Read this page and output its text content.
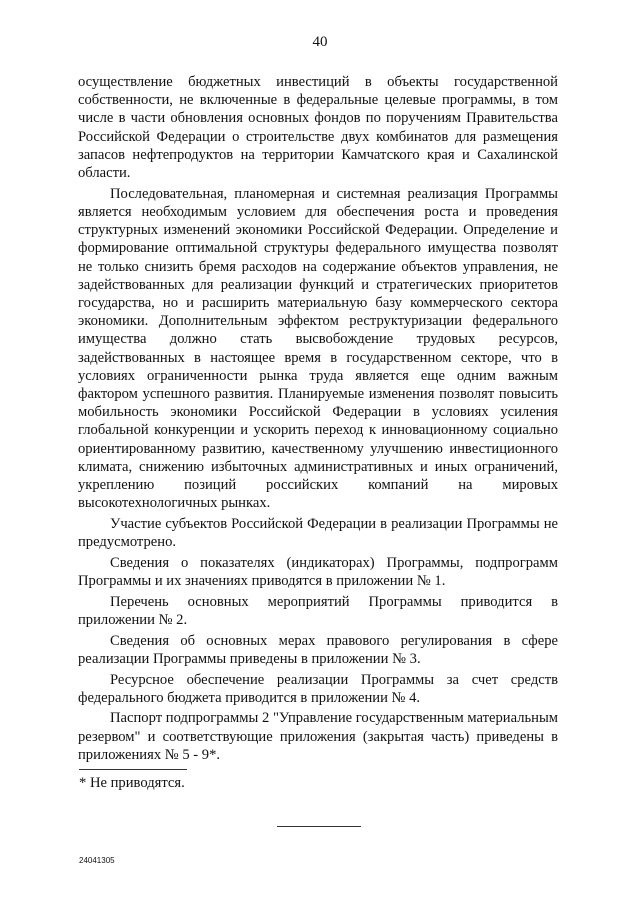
40

осуществление бюджетных инвестиций в объекты государственной собственности, не включенные в федеральные целевые программы, в том числе в части обновления основных фондов по поручениям Правительства Российской Федерации о строительстве двух комбинатов для размещения запасов нефтепродуктов на территории Камчатского края и Сахалинской области.

Последовательная, планомерная и системная реализация Программы является необходимым условием для обеспечения роста и проведения структурных изменений экономики Российской Федерации. Определение и формирование оптимальной структуры федерального имущества позволят не только снизить бремя расходов на содержание объектов управления, не задействованных для реализации функций и стратегических приоритетов государства, но и расширить материальную базу коммерческого сектора экономики. Дополнительным эффектом реструктуризации федерального имущества должно стать высвобождение трудовых ресурсов, задействованных в настоящее время в государственном секторе, что в условиях ограниченности рынка труда является еще одним важным фактором успешного развития. Планируемые изменения позволят повысить мобильность экономики Российской Федерации в условиях усиления глобальной конкуренции и ускорить переход к инновационному социально ориентированному развитию, качественному улучшению инвестиционного климата, снижению избыточных административных и иных ограничений, укреплению позиций российских компаний на мировых высокотехнологичных рынках.

Участие субъектов Российской Федерации в реализации Программы не предусмотрено.

Сведения о показателях (индикаторах) Программы, подпрограмм Программы и их значениях приводятся в приложении № 1.

Перечень основных мероприятий Программы приводится в приложении № 2.

Сведения об основных мерах правового регулирования в сфере реализации Программы приведены в приложении № 3.

Ресурсное обеспечение реализации Программы за счет средств федерального бюджета приводится в приложении № 4.

Паспорт подпрограммы 2 "Управление государственным материальным резервом" и соответствующие приложения (закрытая часть) приведены в приложениях № 5 - 9*.

* Не приводятся.
24041305
